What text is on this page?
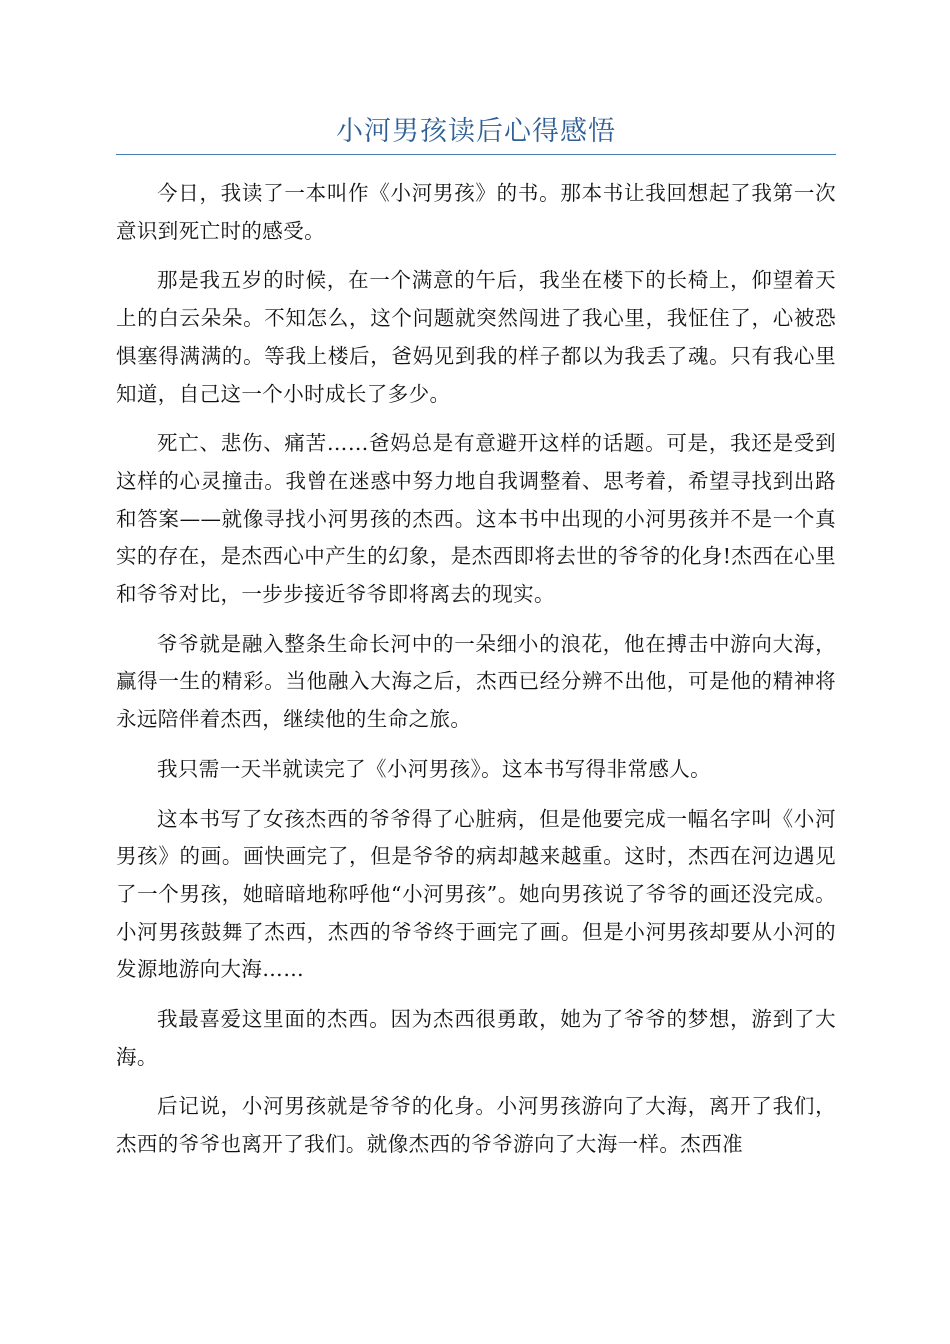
小河男孩读后心得感悟

今日，我读了一本叫作《小河男孩》的书。那本书让我回想起了我第一次意识到死亡时的感受。

那是我五岁的时候，在一个满意的午后，我坐在楼下的长椅上，仰望着天上的白云朵朵。不知怎么，这个问题就突然闯进了我心里，我怔住了，心被恐惧塞得满满的。等我上楼后，爸妈见到我的样子都以为我丢了魂。只有我心里知道，自己这一个小时成长了多少。

死亡、悲伤、痛苦……爸妈总是有意避开这样的话题。可是，我还是受到这样的心灵撞击。我曾在迷惑中努力地自我调整着、思考着，希望寻找到出路和答案——就像寻找小河男孩的杰西。这本书中出现的小河男孩并不是一个真实的存在，是杰西心中产生的幻象，是杰西即将去世的爷爷的化身!杰西在心里和爷爷对比，一步步接近爷爷即将离去的现实。

爷爷就是融入整条生命长河中的一朵细小的浪花，他在搏击中游向大海，赢得一生的精彩。当他融入大海之后，杰西已经分辨不出他，可是他的精神将永远陪伴着杰西，继续他的生命之旅。

我只需一天半就读完了《小河男孩》。这本书写得非常感人。

这本书写了女孩杰西的爷爷得了心脏病，但是他要完成一幅名字叫《小河男孩》的画。画快画完了，但是爷爷的病却越来越重。这时，杰西在河边遇见了一个男孩，她暗暗地称呼他“小河男孩”。她向男孩说了爷爷的画还没完成。小河男孩鼓舞了杰西，杰西的爷爷终于画完了画。但是小河男孩却要从小河的发源地游向大海……

我最喜爱这里面的杰西。因为杰西很勇敢，她为了爷爷的梦想，游到了大海。

后记说，小河男孩就是爷爷的化身。小河男孩游向了大海，离开了我们，杰西的爷爷也离开了我们。就像杰西的爷爷游向了大海一样。杰西准
